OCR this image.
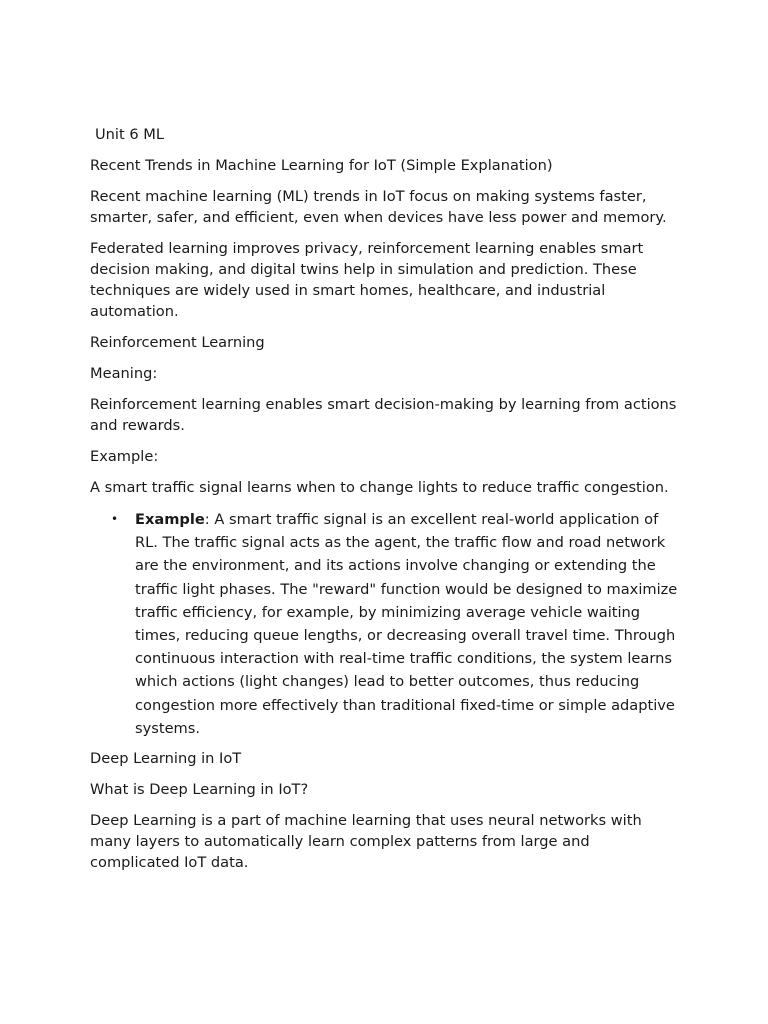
Unit 6 ML

Recent Trends in Machine Learning for IoT (Simple Explanation)

Recent machine learning (ML) trends in IoT focus on making systems faster, smarter, safer, and efficient, even when devices have less power and memory.

Federated learning improves privacy, reinforcement learning enables smart decision making, and digital twins help in simulation and prediction. These techniques are widely used in smart homes, healthcare, and industrial automation.

Reinforcement Learning

Meaning:

Reinforcement learning enables smart decision-making by learning from actions and rewards.

Example:

A smart traffic signal learns when to change lights to reduce traffic congestion.

• Example: A smart traffic signal is an excellent real-world application of RL. The traffic signal acts as the agent, the traffic flow and road network are the environment, and its actions involve changing or extending the traffic light phases. The "reward" function would be designed to maximize traffic efficiency, for example, by minimizing average vehicle waiting times, reducing queue lengths, or decreasing overall travel time. Through continuous interaction with real-time traffic conditions, the system learns which actions (light changes) lead to better outcomes, thus reducing congestion more effectively than traditional fixed-time or simple adaptive systems.

Deep Learning in IoT

What is Deep Learning in IoT?

Deep Learning is a part of machine learning that uses neural networks with many layers to automatically learn complex patterns from large and complicated IoT data.
